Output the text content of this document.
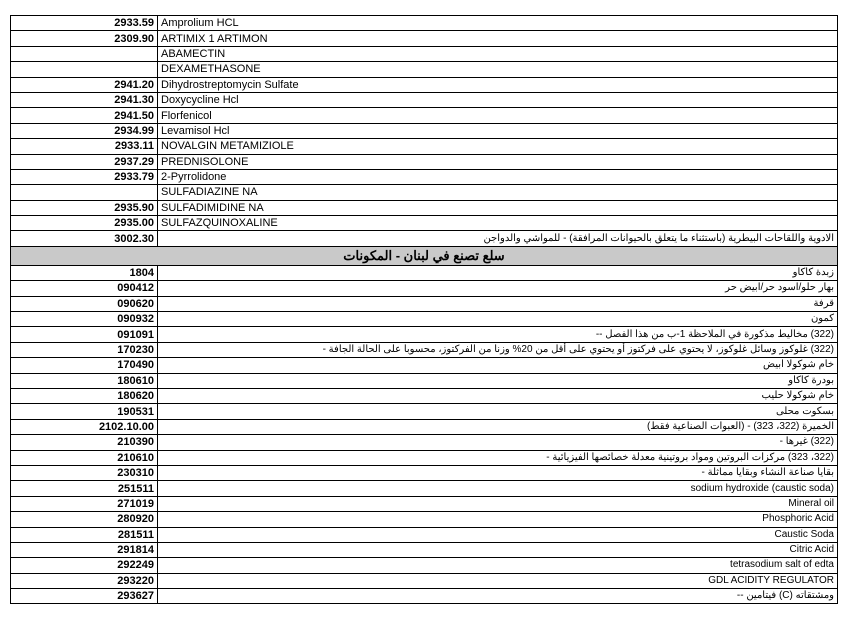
2933.59	Amprolium HCL
2309.90	ARTIMIX 1 ARTIMON
	ABAMECTIN
	DEXAMETHASONE
2941.20	Dihydrostreptomycin Sulfate
2941.30	Doxycycline Hcl
2941.50	Florfenicol
2934.99	Levamisol Hcl
2933.11	NOVALGIN METAMIZIOLE
2937.29	PREDNISOLONE
2933.79	2-Pyrrolidone
	SULFADIAZINE NA
2935.90	SULFADIMIDINE NA
2935.00	SULFAZQUINOXALINE
3002.30	الادوية واللقاحات البيطرية (باستثناء ما يتعلق بالحيوانات المرافقة) - للمواشي والدواجن
سلع تصنع في لبنان - المكونات	
1804	زبدة كاكاو
090412	بهار حلو/اسود حر/ابيض حر
090620	قرفة
090932	كمون
091091	(322) مخاليط مذكورة في الملاحظة 1-ب من هذا الفصل --
170230	(322) غلوكوز وسائل غلوكوز، لا يحتوي على فركتوز أو يحتوي على أقل من 20% وزنا من الفركتوز، محسوبا على الحالة الجافة -
170490	خام شوكولا ابيض
180610	بودرة كاكاو
180620	خام شوكولا حليب
190531	بسكوت محلى
2102.10.00	الخميرة (322، 323) - (العبوات الصناعية فقط)
210390	(322) غيرها -
210610	(322، 323) مركزات البروتين ومواد بروتينية معدلة خصائصها الفيزيائية -
230310	بقايا صناعة النشاء وبقايا مماثلة -
251511	sodium hydroxide (caustic soda)
271019	Mineral oil
280920	Phosphoric Acid
281511	Caustic Soda
291814	Citric Acid
292249	tetrasodium salt of edta
293220	GDL ACIDITY REGULATOR
293627	ومشتقاته (C) فيتامين --
